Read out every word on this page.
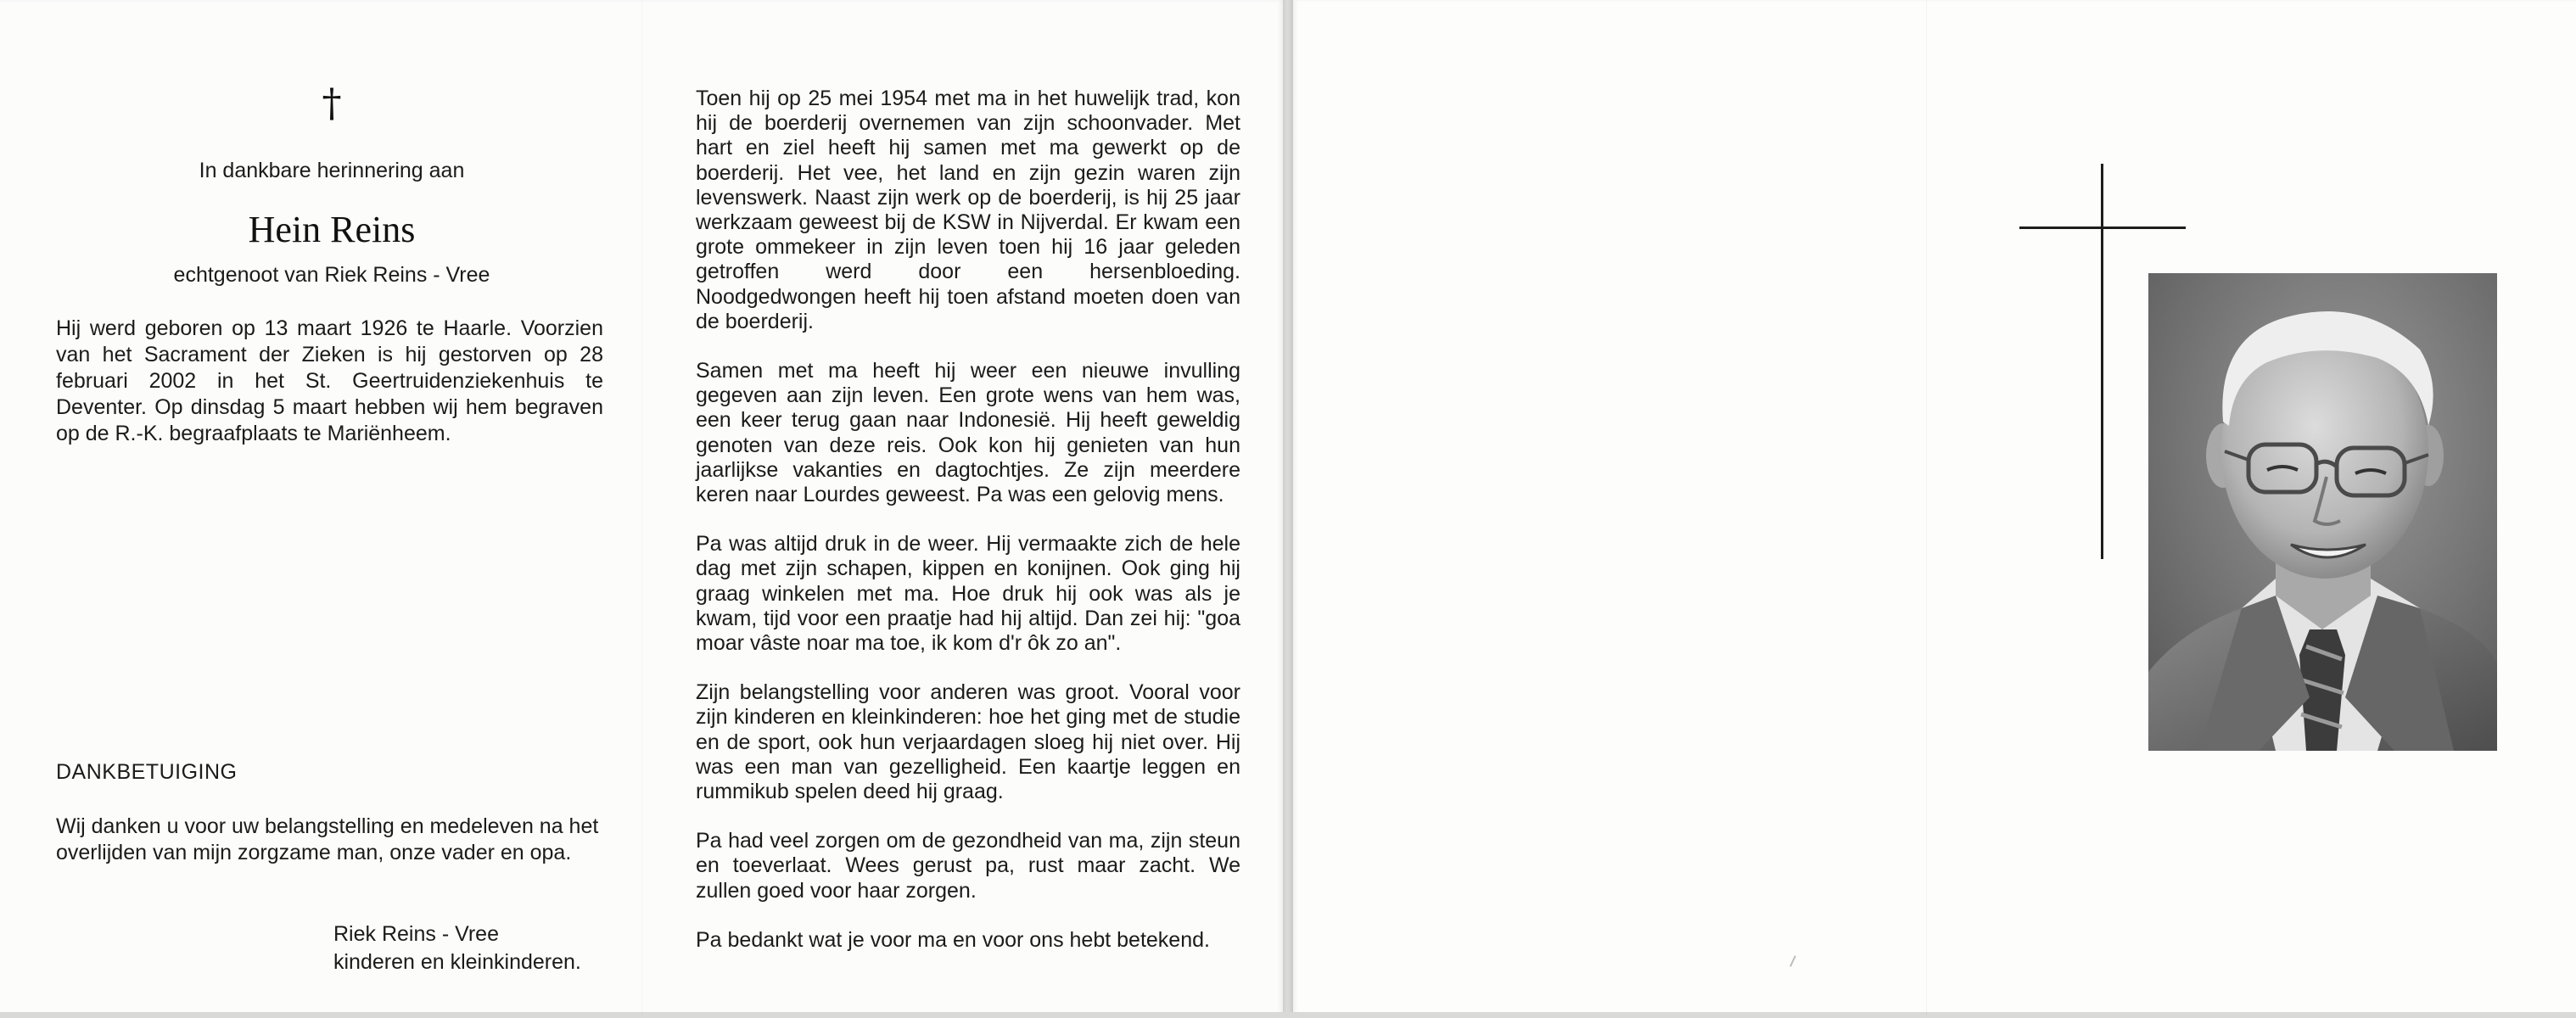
†
In dankbare herinnering aan
Hein Reins
echtgenoot van Riek Reins - Vree

Hij werd geboren op 13 maart 1926 te Haarle. Voorzien van het Sacrament der Zieken is hij gestorven op 28 februari 2002 in het St. Geertruidenziekenhuis te Deventer. Op dinsdag 5 maart hebben wij hem begraven op de R.-K. begraafplaats te Mariënheem.

DANKBETUIGING

Wij danken u voor uw belangstelling en medeleven na het overlijden van mijn zorgzame man, onze vader en opa.

Riek Reins - Vree
kinderen en kleinkinderen.

Toen hij op 25 mei 1954 met ma in het huwelijk trad, kon hij de boerderij overnemen van zijn schoonvader. Met hart en ziel heeft hij samen met ma gewerkt op de boerderij. Het vee, het land en zijn gezin waren zijn levenswerk. Naast zijn werk op de boerderij, is hij 25 jaar werkzaam geweest bij de KSW in Nijverdal. Er kwam een grote ommekeer in zijn leven toen hij 16 jaar geleden getroffen werd door een hersenbloeding. Noodgedwongen heeft hij toen afstand moeten doen van de boerderij.

Samen met ma heeft hij weer een nieuwe invulling gegeven aan zijn leven. Een grote wens van hem was, een keer terug gaan naar Indonesië. Hij heeft geweldig genoten van deze reis. Ook kon hij genieten van hun jaarlijkse vakanties en dagtochtjes. Ze zijn meerdere keren naar Lourdes geweest. Pa was een gelovig mens.

Pa was altijd druk in de weer. Hij vermaakte zich de hele dag met zijn schapen, kippen en konijnen. Ook ging hij graag winkelen met ma. Hoe druk hij ook was als je kwam, tijd voor een praatje had hij altijd. Dan zei hij: "goa moar vâste noar ma toe, ik kom d'r ôk zo an".

Zijn belangstelling voor anderen was groot. Vooral voor zijn kinderen en kleinkinderen: hoe het ging met de studie en de sport, ook hun verjaardagen sloeg hij niet over. Hij was een man van gezelligheid. Een kaartje leggen en rummikub spelen deed hij graag.

Pa had veel zorgen om de gezondheid van ma, zijn steun en toeverlaat. Wees gerust pa, rust maar zacht. We zullen goed voor haar zorgen.

Pa bedankt wat je voor ma en voor ons hebt betekend.
